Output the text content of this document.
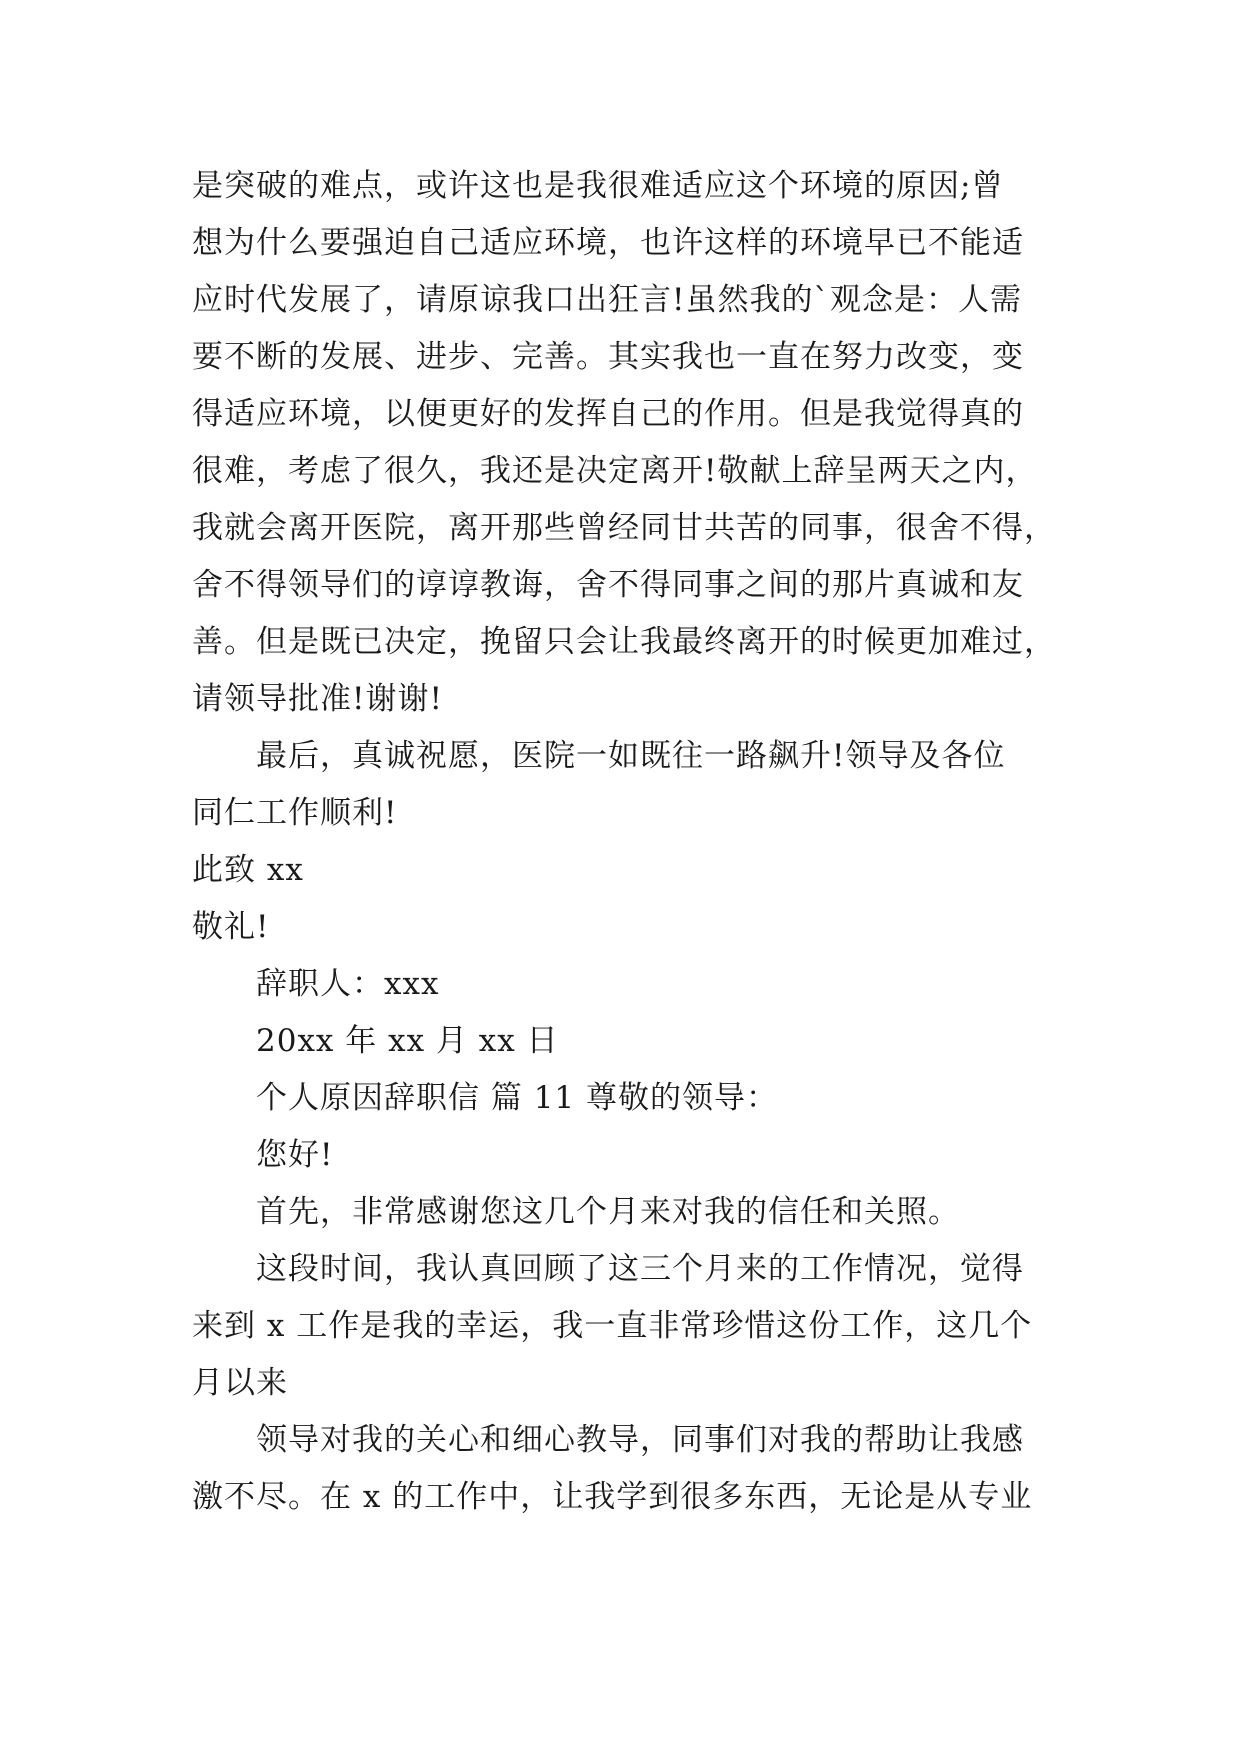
是突破的难点，或许这也是我很难适应这个环境的原因;曾
想为什么要强迫自己适应环境，也许这样的环境早已不能适
应时代发展了，请原谅我口出狂言!虽然我的`观念是：人需
要不断的发展、进步、完善。其实我也一直在努力改变，变
得适应环境，以便更好的发挥自己的作用。但是我觉得真的
很难，考虑了很久，我还是决定离开!敬献上辞呈两天之内，
我就会离开医院，离开那些曾经同甘共苦的同事，很舍不得，
舍不得领导们的谆谆教诲，舍不得同事之间的那片真诚和友
善。但是既已决定，挽留只会让我最终离开的时候更加难过，
请领导批准!谢谢!
最后，真诚祝愿，医院一如既往一路飙升!领导及各位
同仁工作顺利!
此致 xx
敬礼!
辞职人：xxx
20xx 年 xx 月 xx 日
个人原因辞职信 篇 11 尊敬的领导：
您好!
首先，非常感谢您这几个月来对我的信任和关照。
这段时间，我认真回顾了这三个月来的工作情况，觉得
来到 x 工作是我的幸运，我一直非常珍惜这份工作，这几个
月以来
领导对我的关心和细心教导，同事们对我的帮助让我感
激不尽。在 x 的工作中，让我学到很多东西，无论是从专业
